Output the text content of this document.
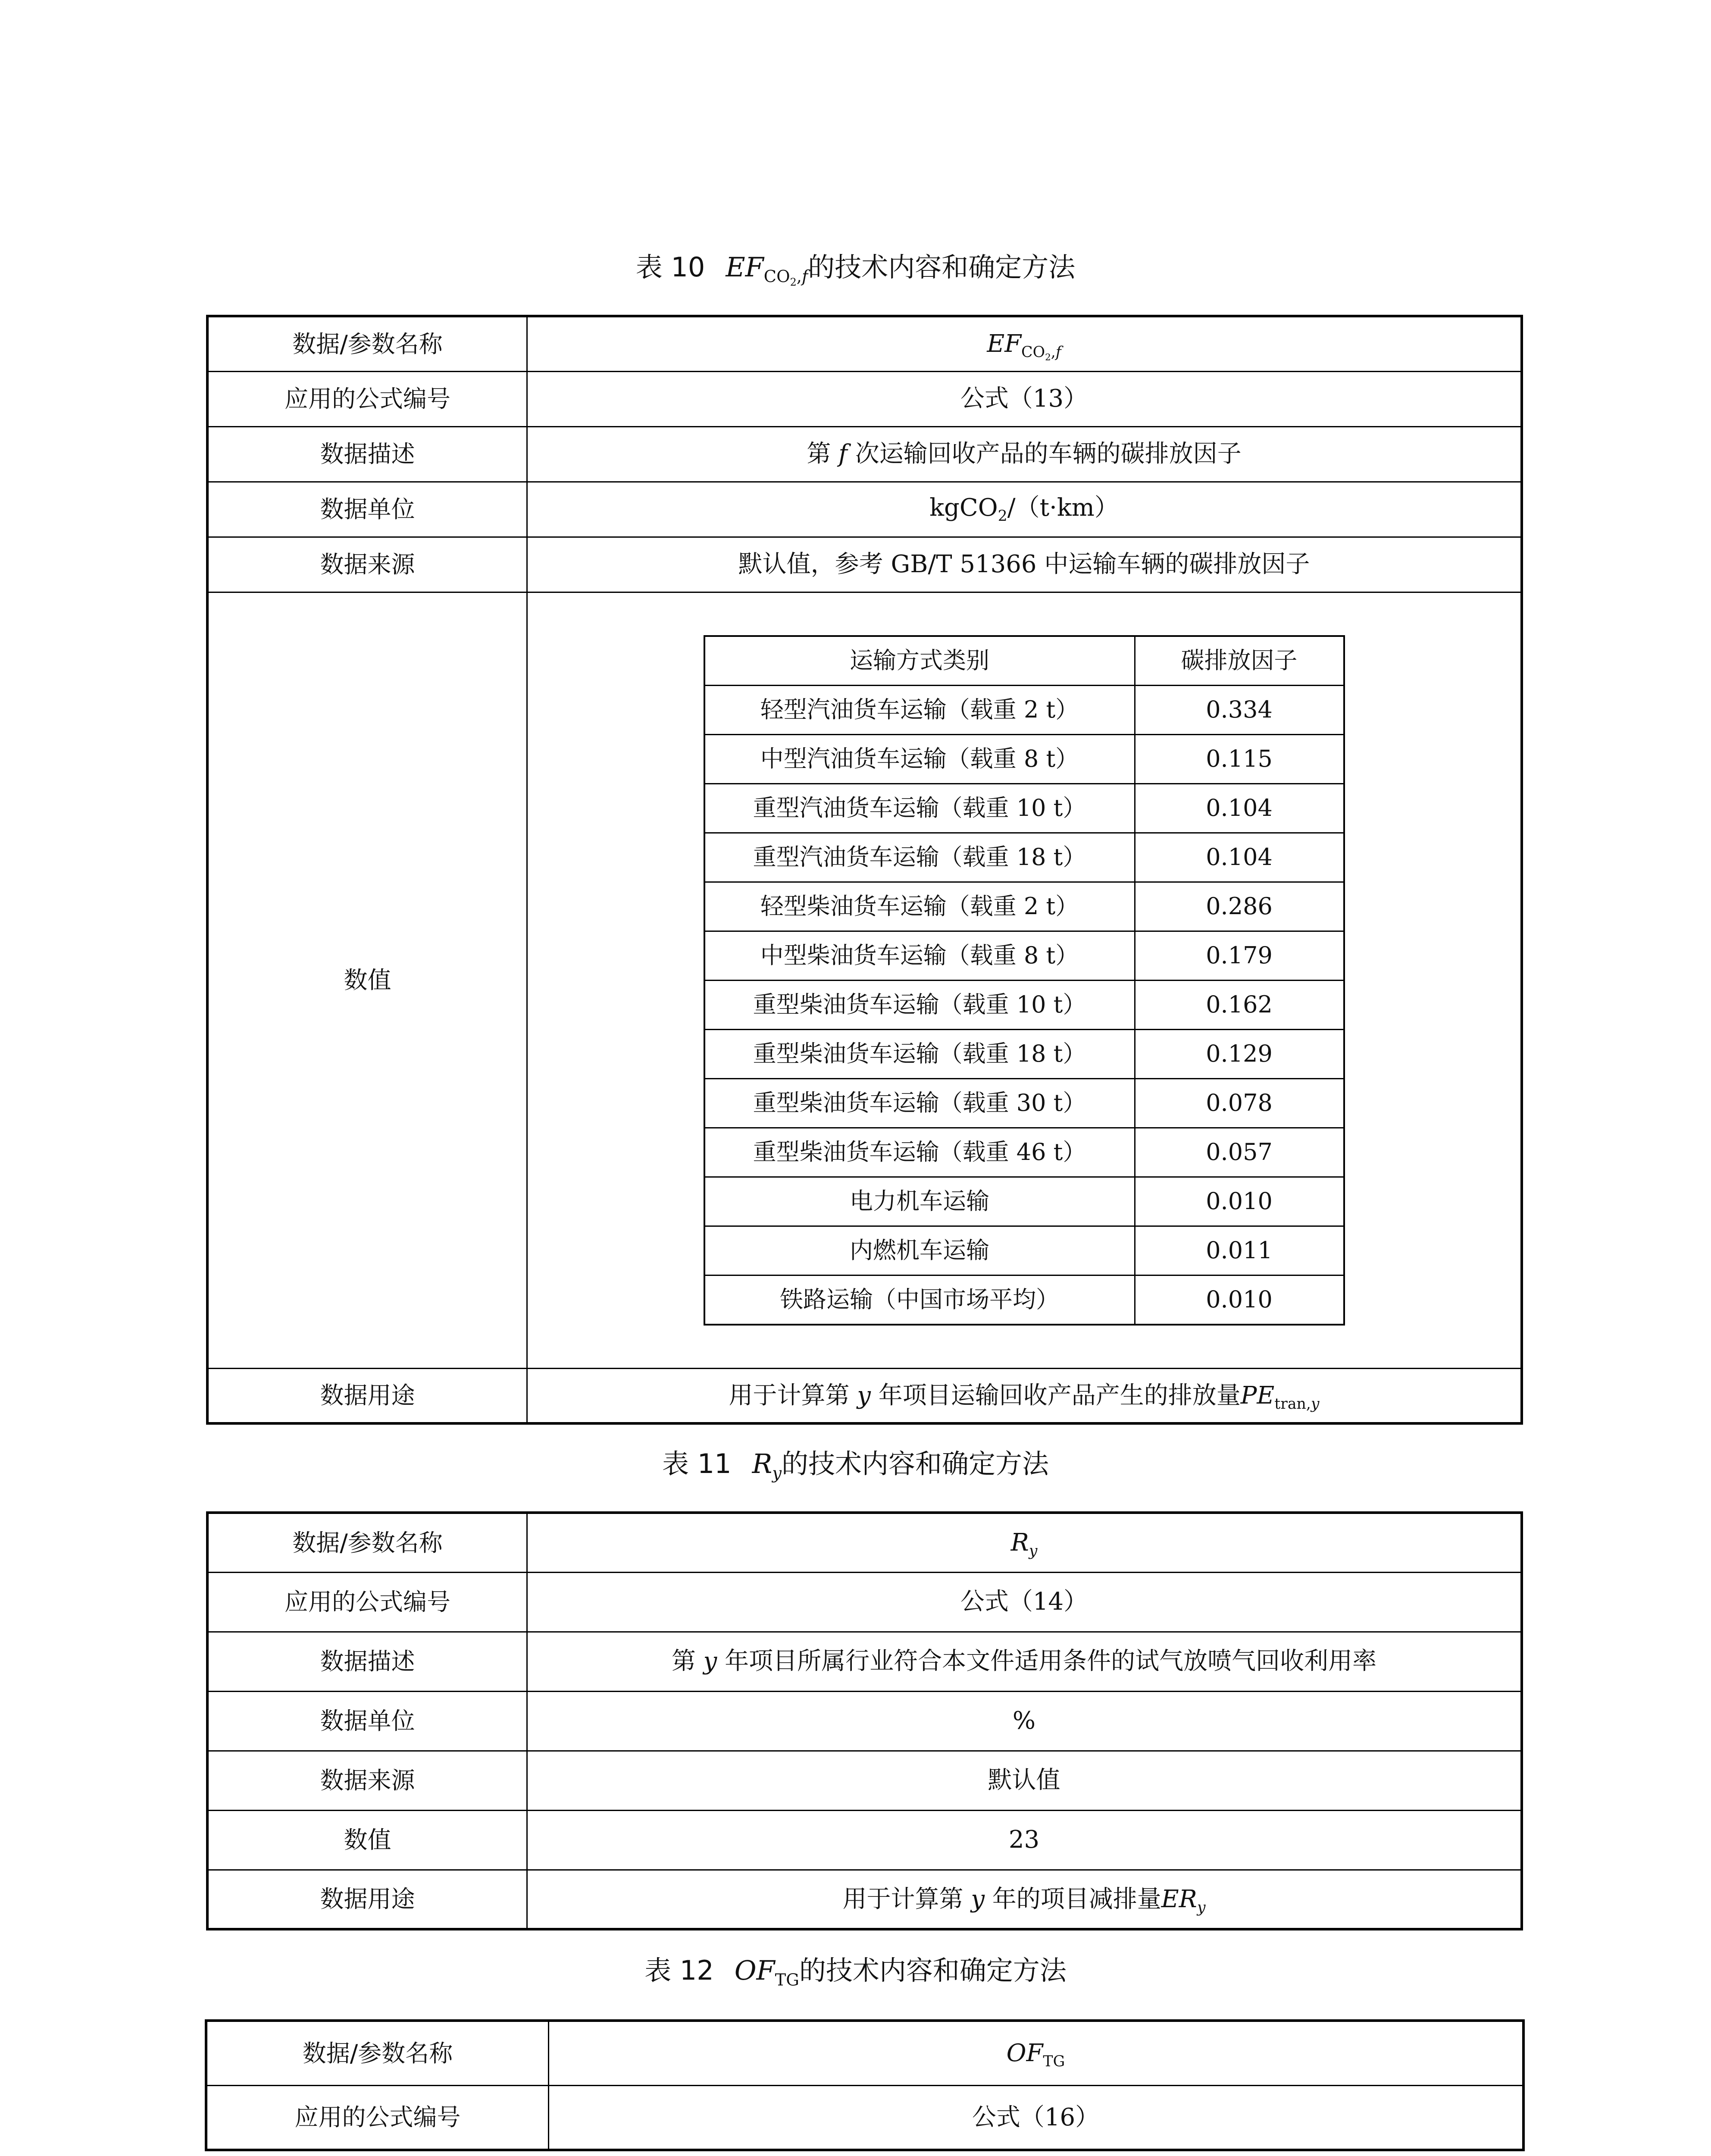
表 10 $EF_{CO_2,f}$的技术内容和确定方法
数据/参数名称	$EF_{CO_2,f}$
应用的公式编号	公式（13）
数据描述	第 f 次运输回收产品的车辆的碳排放因子
数据单位	kgCO$_2$/（t·km）
数据来源	默认值，参考 GB/T 51366 中运输车辆的碳排放因子
数值	
运输方式类别	碳排放因子
轻型汽油货车运输（载重 2 t）	0.334
中型汽油货车运输（载重 8 t）	0.115
重型汽油货车运输（载重 10 t）	0.104
重型汽油货车运输（载重 18 t）	0.104
轻型柴油货车运输（载重 2 t）	0.286
中型柴油货车运输（载重 8 t）	0.179
重型柴油货车运输（载重 10 t）	0.162
重型柴油货车运输（载重 18 t）	0.129
重型柴油货车运输（载重 30 t）	0.078
重型柴油货车运输（载重 46 t）	0.057
电力机车运输	0.010
内燃机车运输	0.011
铁路运输（中国市场平均）	0.010

数据用途	用于计算第 y 年项目运输回收产品产生的排放量$PE_{tran,y}$
表 11 $R_y$的技术内容和确定方法
数据/参数名称	$R_y$
应用的公式编号	公式（14）
数据描述	第 y 年项目所属行业符合本文件适用条件的试气放喷气回收利用率
数据单位	%
数据来源	默认值
数值	23
数据用途	用于计算第 y 年的项目减排量$ER_y$
表 12 $OF_{TG}$的技术内容和确定方法
数据/参数名称	$OF_{TG}$
应用的公式编号	公式（16）
